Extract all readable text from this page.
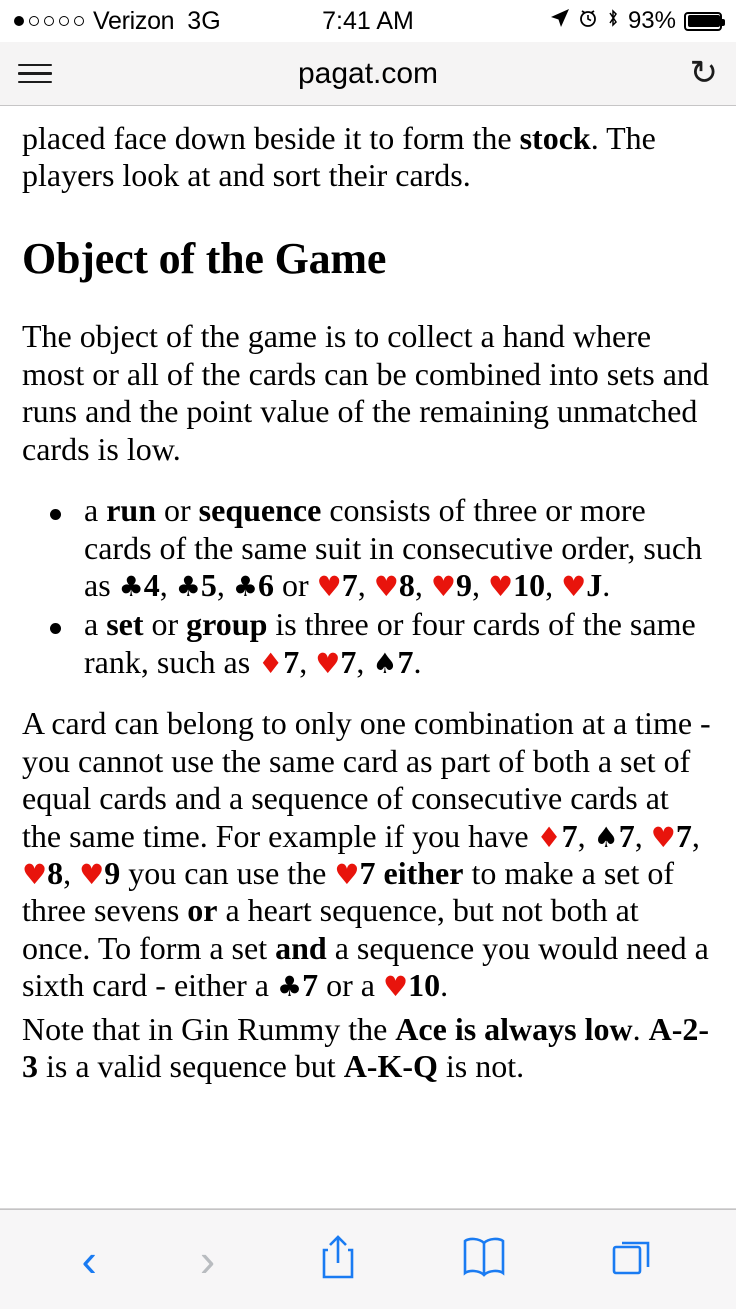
Verizon 3G	7:41 AM	93%
pagat.com	↻

placed face down beside it to form the stock. The players look at and sort their cards.

Object of the Game

The object of the game is to collect a hand where most or all of the cards can be combined into sets and runs and the point value of the remaining unmatched cards is low.

a run or sequence consists of three or more cards of the same suit in consecutive order, such as ♣4, ♣5, ♣6 or ♥7, ♥8, ♥9, ♥10, ♥J.
a set or group is three or four cards of the same rank, such as ♦7, ♥7, ♠7.

A card can belong to only one combination at a time - you cannot use the same card as part of both a set of equal cards and a sequence of consecutive cards at the same time. For example if you have ♦7, ♠7, ♥7, ♥8, ♥9 you can use the ♥7 either to make a set of three sevens or a heart sequence, but not both at once. To form a set and a sequence you would need a sixth card - either a ♣7 or a ♥10.

Note that in Gin Rummy the Ace is always low. A-2-3 is a valid sequence but A-K-Q is not.

‹ ›
